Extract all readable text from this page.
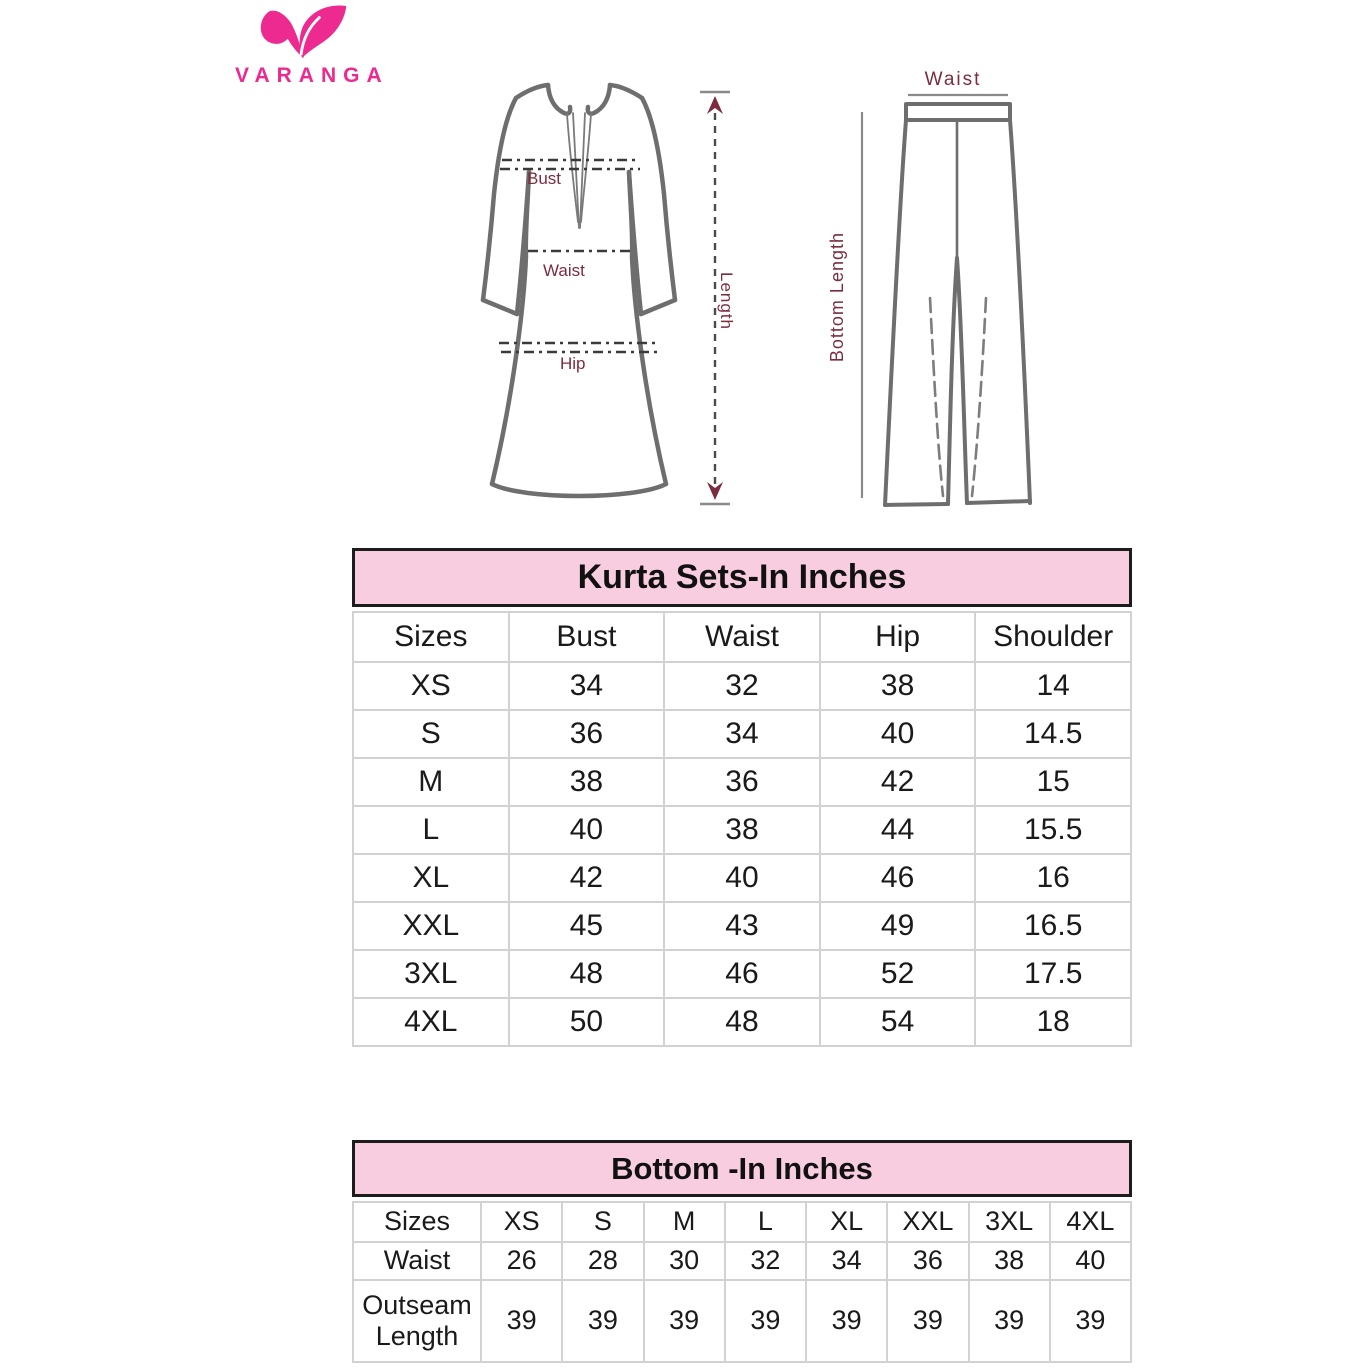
VARANGA
Bust
Waist
Hip
Length
Waist
Bottom Length
Kurta Sets-In Inches
Sizes	Bust	Waist	Hip	Shoulder
XS	34	32	38	14
S	36	34	40	14.5
M	38	36	42	15
L	40	38	44	15.5
XL	42	40	46	16
XXL	45	43	49	16.5
3XL	48	46	52	17.5
4XL	50	48	54	18
Bottom -In Inches
Sizes	XS	S	M	L	XL	XXL	3XL	4XL
Waist	26	28	30	32	34	36	38	40
Outseam Length	39	39	39	39	39	39	39	39
